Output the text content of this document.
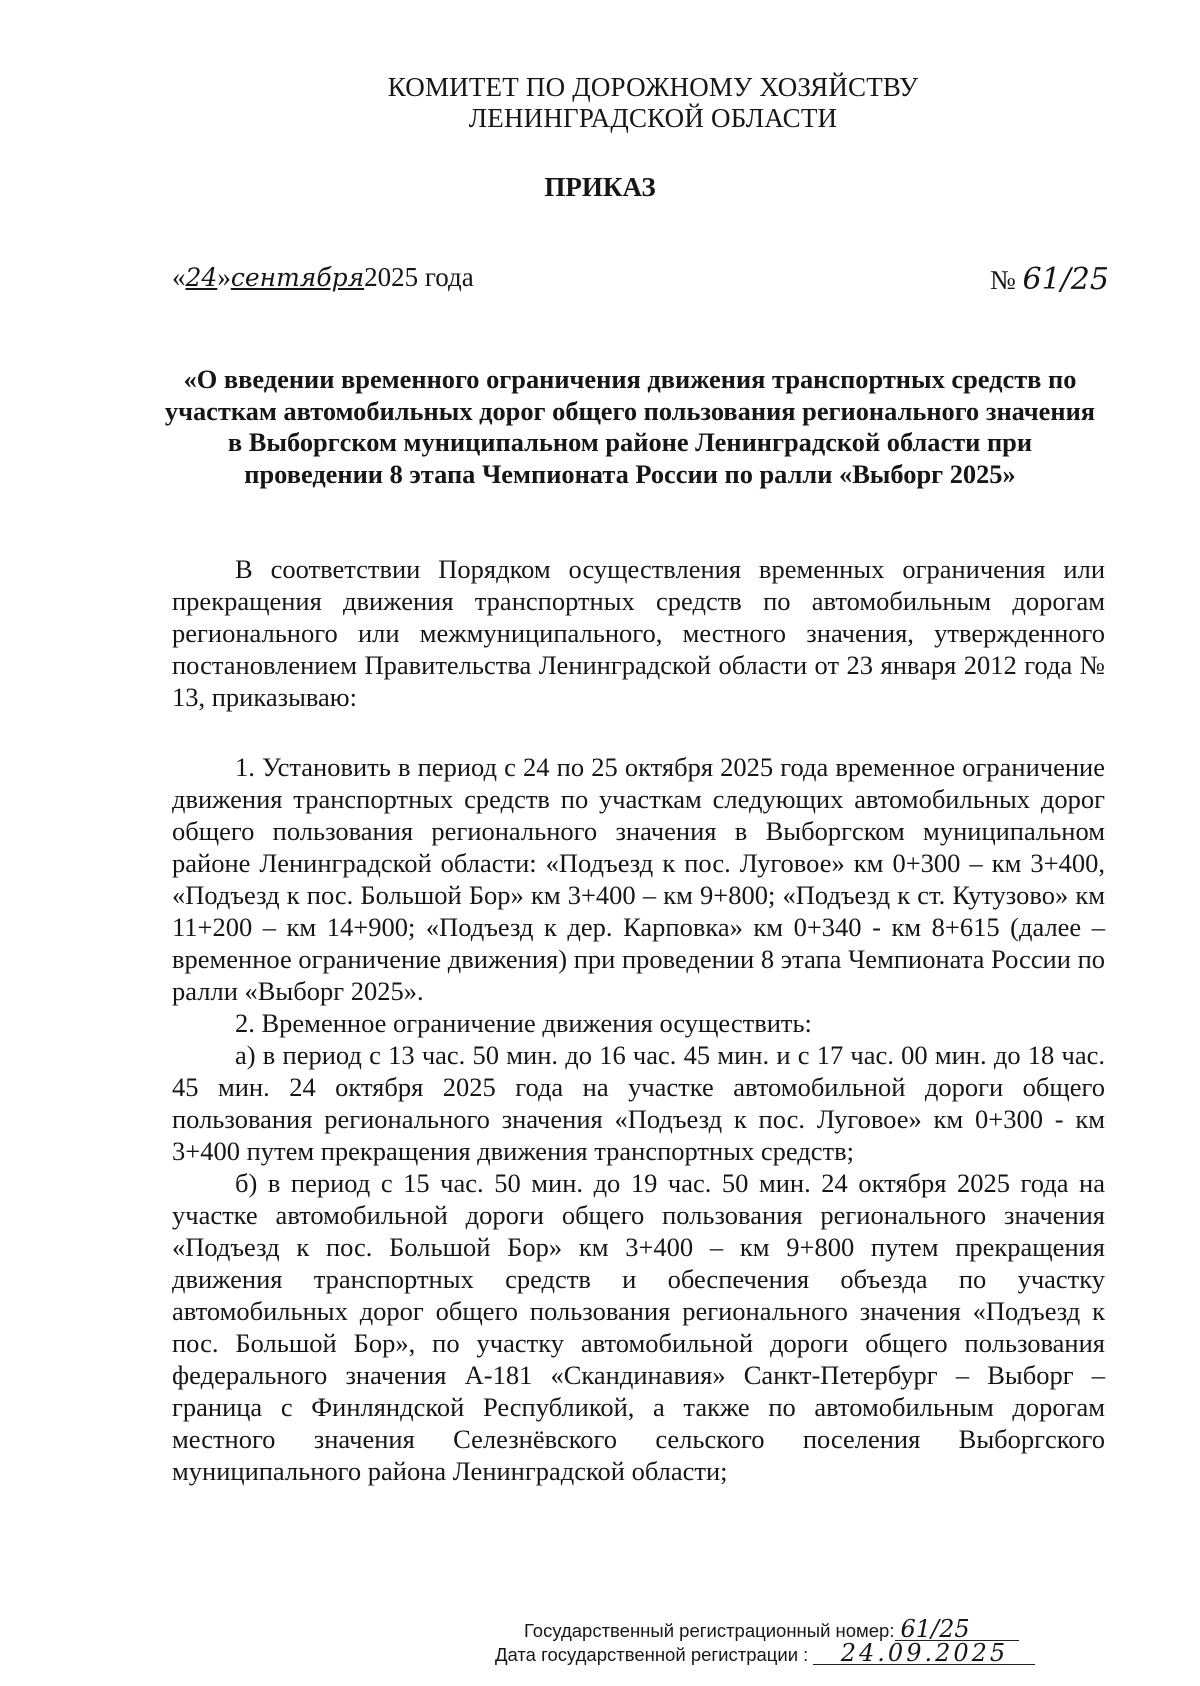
КОМИТЕТ ПО ДОРОЖНОМУ ХОЗЯЙСТВУ
ЛЕНИНГРАДСКОЙ ОБЛАСТИ
ПРИКАЗ
«24»сентября2025 года	№ 61/25
«О введении временного ограничения движения транспортных средств по участкам автомобильных дорог общего пользования регионального значения в Выборгском муниципальном районе Ленинградской области при проведении 8 этапа Чемпионата России по ралли «Выборг 2025»

В соответствии Порядком осуществления временных ограничения или прекращения движения транспортных средств по автомобильным дорогам регионального или межмуниципального, местного значения, утвержденного постановлением Правительства Ленинградской области от 23 января 2012 года № 13, приказываю:

1. Установить в период с 24 по 25 октября 2025 года временное ограничение движения транспортных средств по участкам следующих автомобильных дорог общего пользования регионального значения в Выборгском муниципальном районе Ленинградской области: «Подъезд к пос. Луговое» км 0+300 – км 3+400, «Подъезд к пос. Большой Бор» км 3+400 – км 9+800; «Подъезд к ст. Кутузово» км 11+200 – км 14+900; «Подъезд к дер. Карповка» км 0+340 - км 8+615 (далее – временное ограничение движения) при проведении 8 этапа Чемпионата России по ралли «Выборг 2025».

2. Временное ограничение движения осуществить:

а) в период с 13 час. 50 мин. до 16 час. 45 мин. и с 17 час. 00 мин. до 18 час. 45 мин. 24 октября 2025 года на участке автомобильной дороги общего пользования регионального значения «Подъезд к пос. Луговое» км 0+300 - км 3+400 путем прекращения движения транспортных средств;

б) в период с 15 час. 50 мин. до 19 час. 50 мин. 24 октября 2025 года на участке автомобильной дороги общего пользования регионального значения «Подъезд к пос. Большой Бор» км 3+400 – км 9+800 путем прекращения движения транспортных средств и обеспечения объезда по участку автомобильных дорог общего пользования регионального значения «Подъезд к пос. Большой Бор», по участку автомобильной дороги общего пользования федерального значения А-181 «Скандинавия» Санкт-Петербург – Выборг – граница с Финляндской Республикой, а также по автомобильным дорогам местного значения Селезнёвского сельского поселения Выборгского муниципального района Ленинградской области;

Государственный регистрационный номер: 61/25
Дата государственной регистрации : 24.09.2025
